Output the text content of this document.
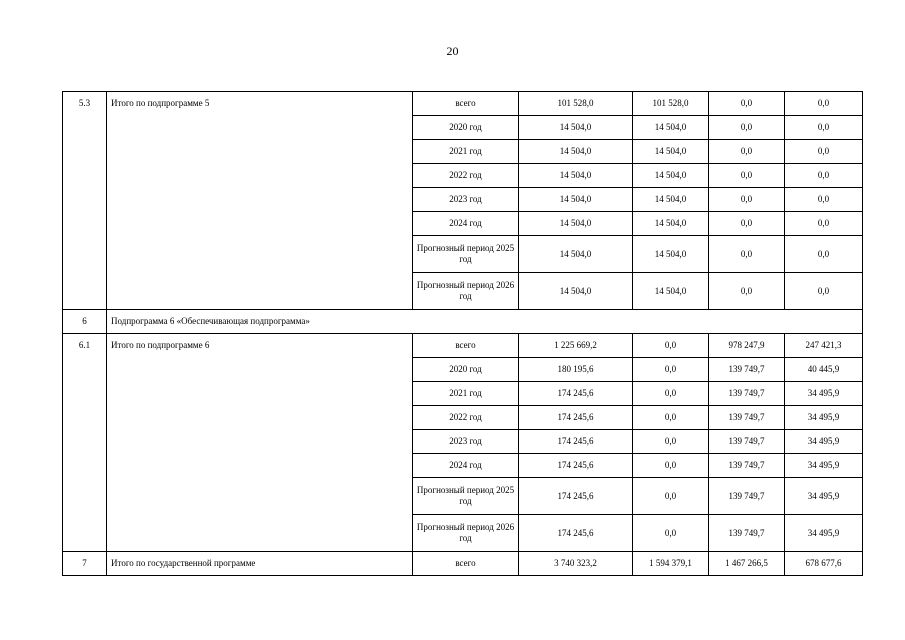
20
5.3	Итого по подпрограмме 5	всего	101 528,0	101 528,0	0,0	0,0
		2020 год	14 504,0	14 504,0	0,0	0,0
		2021 год	14 504,0	14 504,0	0,0	0,0
		2022 год	14 504,0	14 504,0	0,0	0,0
		2023 год	14 504,0	14 504,0	0,0	0,0
		2024 год	14 504,0	14 504,0	0,0	0,0
		Прогнозный период 2025 год	14 504,0	14 504,0	0,0	0,0
		Прогнозный период 2026 год	14 504,0	14 504,0	0,0	0,0
6	Подпрограмма 6 «Обеспечивающая подпрограмма»					
6.1	Итого по подпрограмме 6	всего	1 225 669,2	0,0	978 247,9	247 421,3
		2020 год	180 195,6	0,0	139 749,7	40 445,9
		2021 год	174 245,6	0,0	139 749,7	34 495,9
		2022 год	174 245,6	0,0	139 749,7	34 495,9
		2023 год	174 245,6	0,0	139 749,7	34 495,9
		2024 год	174 245,6	0,0	139 749,7	34 495,9
		Прогнозный период 2025 год	174 245,6	0,0	139 749,7	34 495,9
		Прогнозный период 2026 год	174 245,6	0,0	139 749,7	34 495,9
7	Итого по государственной программе	всего	3 740 323,2	1 594 379,1	1 467 266,5	678 677,6
